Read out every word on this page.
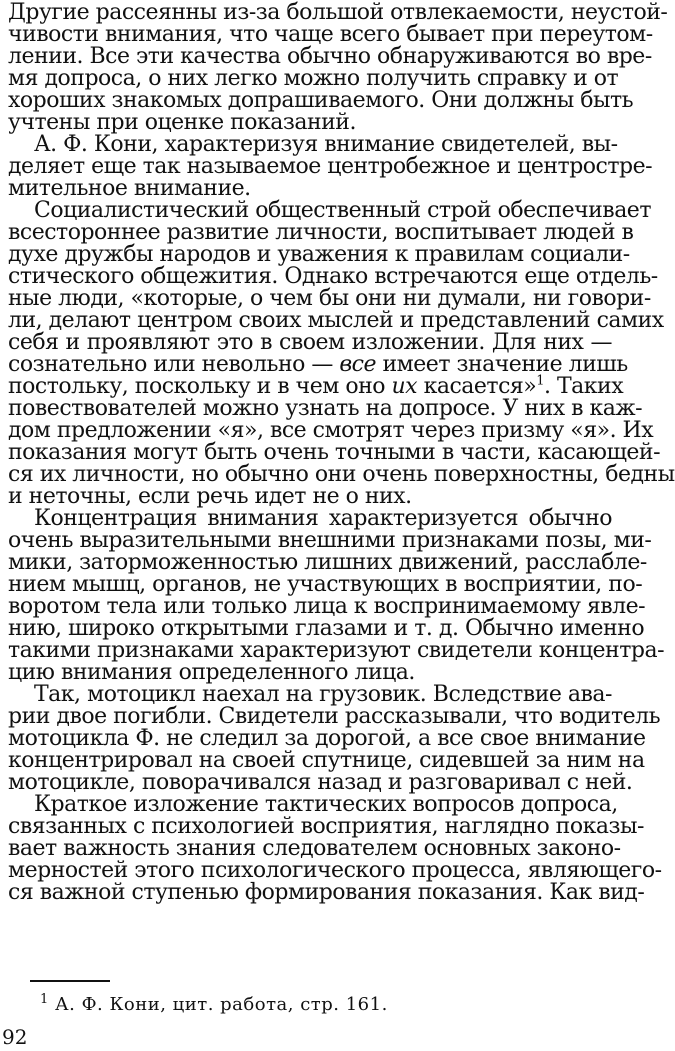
Другие рассеянны из-за большой отвлекаемости, неустой-
чивости внимания, что чаще всего бывает при переутом-
лении. Все эти качества обычно обнаруживаются во вре-
мя допроса, о них легко можно получить справку и от
хороших знакомых допрашиваемого. Они должны быть
учтены при оценке показаний.
А. Ф. Кони, характеризуя внимание свидетелей, вы-
деляет еще так называемое центробежное и центростре-
мительное внимание.
Социалистический общественный строй обеспечивает
всестороннее развитие личности, воспитывает людей в
духе дружбы народов и уважения к правилам социали-
стического общежития. Однако встречаются еще отдель-
ные люди, «которые, о чем бы они ни думали, ни говори-
ли, делают центром своих мыслей и представлений самих
себя и проявляют это в своем изложении. Для них —
сознательно или невольно — все имеет значение лишь
постольку, поскольку и в чем оно их касается»$^1$. Таких
повествователей можно узнать на допросе. У них в каж-
дом предложении «я», все смотрят через призму «я». Их
показания могут быть очень точными в части, касающей-
ся их личности, но обычно они очень поверхностны, бедны
и неточны, если речь идет не о них.
Концентрация внимания характеризуется обычно
очень выразительными внешними признаками позы, ми-
мики, заторможенностью лишних движений, расслабле-
нием мышц, органов, не участвующих в восприятии, по-
воротом тела или только лица к воспринимаемому явле-
нию, широко открытыми глазами и т. д. Обычно именно
такими признаками характеризуют свидетели концентра-
цию внимания определенного лица.
Так, мотоцикл наехал на грузовик. Вследствие ава-
рии двое погибли. Свидетели рассказывали, что водитель
мотоцикла Ф. не следил за дорогой, а все свое внимание
концентрировал на своей спутнице, сидевшей за ним на
мотоцикле, поворачивался назад и разговаривал с ней.
Краткое изложение тактических вопросов допроса,
связанных с психологией восприятия, наглядно показы-
вает важность знания следователем основных законо-
мерностей этого психологического процесса, являющего-
ся важной ступенью формирования показания. Как вид-
$^1$ А. Ф. Кони, цит. работа, стр. 161.
92
